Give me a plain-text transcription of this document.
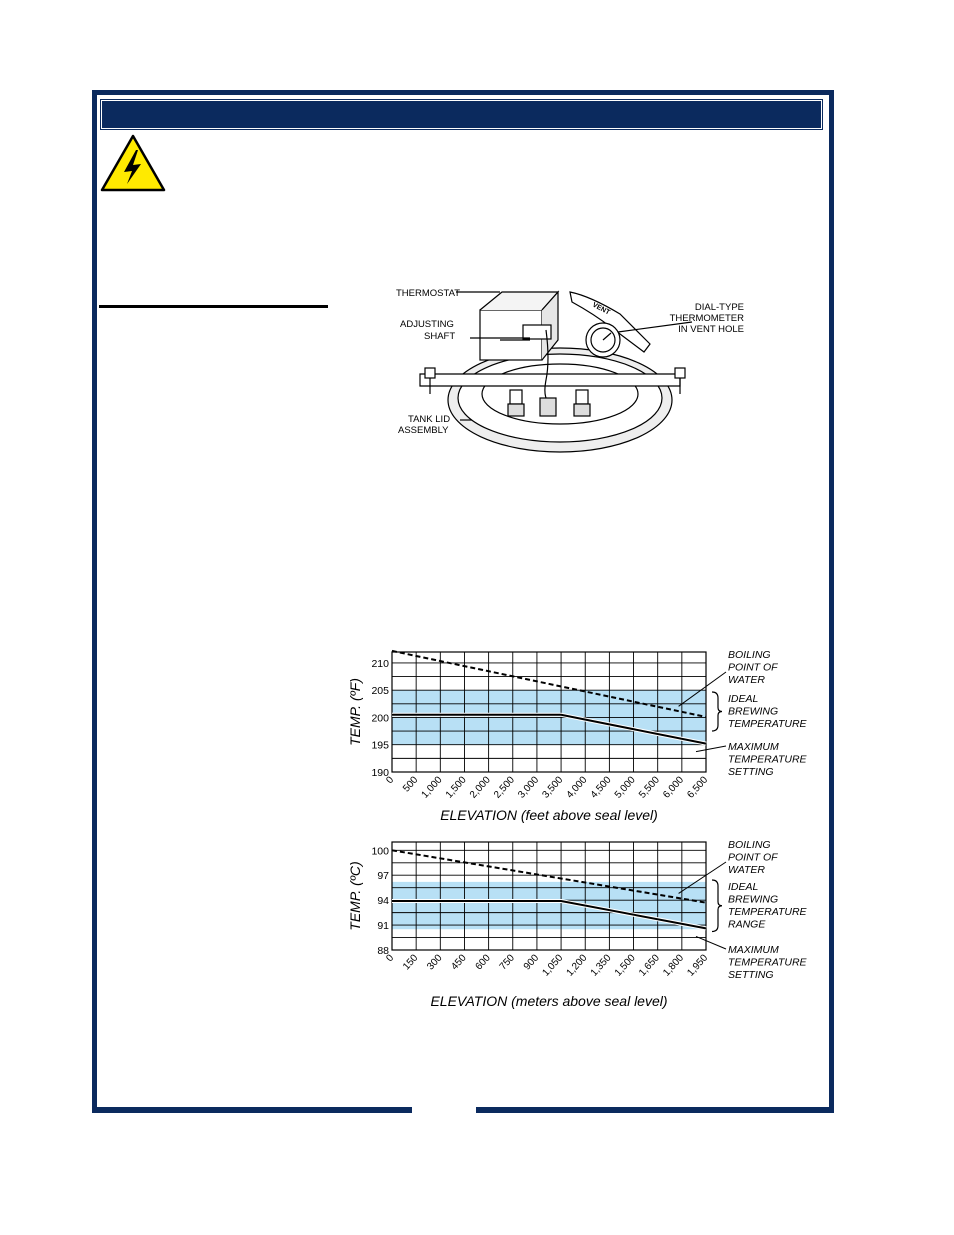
THERMOSTAT
ADJUSTING
SHAFT
DIAL-TYPE
THERMOMETER
IN VENT HOLE
TANK LID
ASSEMBLY
VENT
0 500 1,000 1,500 2,000 2,500 3,000 3,500 4,000 4,500 5,000 5,500 6,000 6,500
190
195
200
205
210
TEMP. (ºF)
ELEVATION (feet above seal level)
BOILING
POINT OF
WATER
IDEAL
BREWING
TEMPERATURE
MAXIMUM
TEMPERATURE
SETTING
0 150 300 450 600 750 900 1,050 1,200 1,350 1,500 1,650 1,800 1,950
88
91
94
97
100
TEMP. (ºC)
ELEVATION (meters above seal level)
BOILING
POINT OF
WATER
IDEAL
BREWING
TEMPERATURE
RANGE
MAXIMUM
TEMPERATURE
SETTING
